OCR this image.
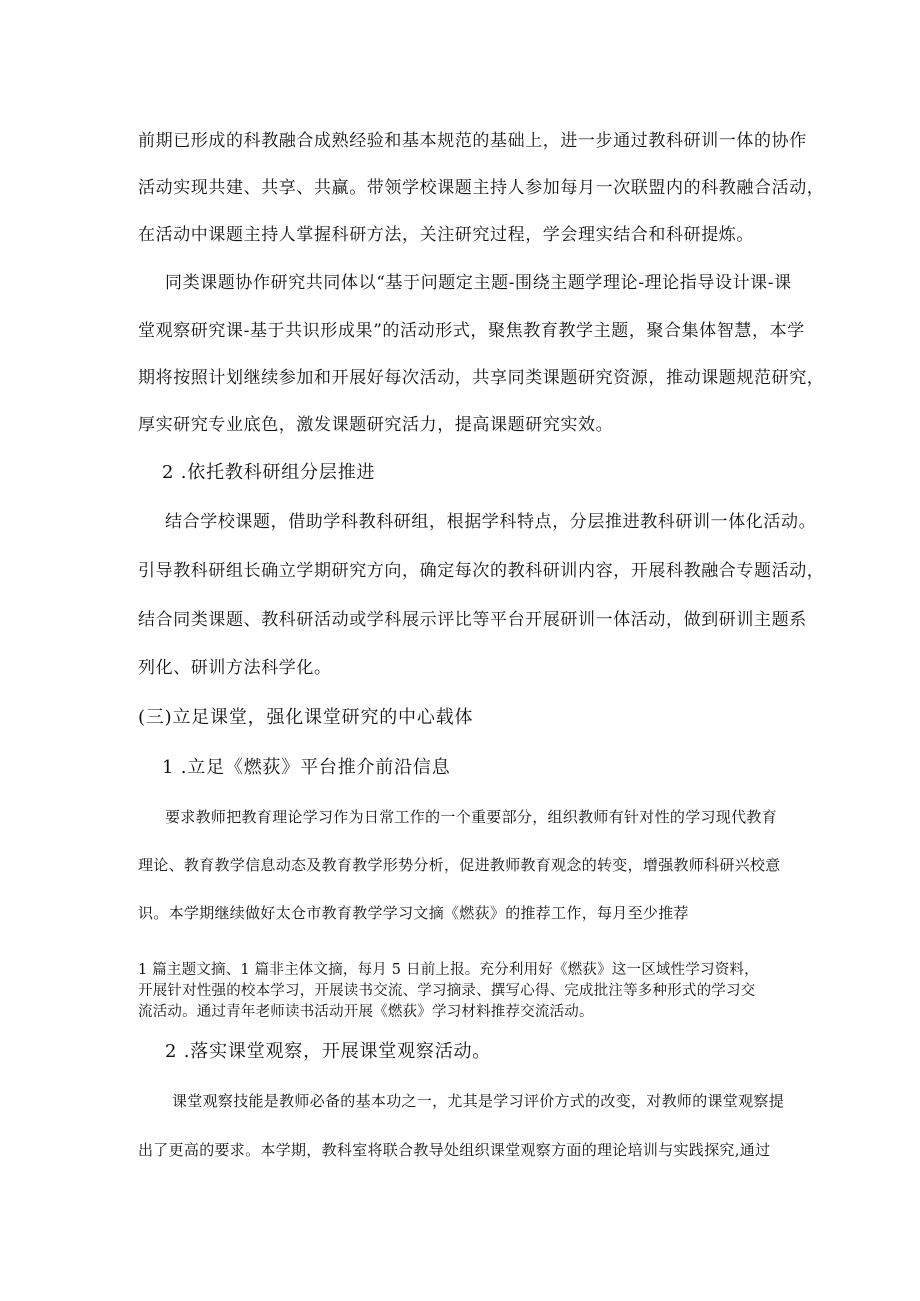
前期已形成的科教融合成熟经验和基本规范的基础上，进一步通过教科研训一体的协作
活动实现共建、共享、共赢。带领学校课题主持人参加每月一次联盟内的科教融合活动，
在活动中课题主持人掌握科研方法，关注研究过程，学会理实结合和科研提炼。
同类课题协作研究共同体以“基于问题定主题-围绕主题学理论-理论指导设计课-课
堂观察研究课-基于共识形成果”的活动形式，聚焦教育教学主题，聚合集体智慧，本学
期将按照计划继续参加和开展好每次活动，共享同类课题研究资源，推动课题规范研究，
厚实研究专业底色，激发课题研究活力，提高课题研究实效。
2 .依托教科研组分层推进
结合学校课题，借助学科教科研组，根据学科特点，分层推进教科研训一体化活动。
引导教科研组长确立学期研究方向，确定每次的教科研训内容，开展科教融合专题活动，
结合同类课题、教科研活动或学科展示评比等平台开展研训一体活动，做到研训主题系
列化、研训方法科学化。
(三)立足课堂，强化课堂研究的中心载体
1 .立足《燃荻》平台推介前沿信息
要求教师把教育理论学习作为日常工作的一个重要部分，组织教师有针对性的学习现代教育
理论、教育教学信息动态及教育教学形势分析，促进教师教育观念的转变，增强教师科研兴校意
识。本学期继续做好太仓市教育教学学习文摘《燃荻》的推荐工作，每月至少推荐
1 篇主题文摘、1 篇非主体文摘，每月 5 日前上报。充分利用好《燃荻》这一区域性学习资料，
开展针对性强的校本学习，开展读书交流、学习摘录、撰写心得、完成批注等多种形式的学习交
流活动。通过青年老师读书活动开展《燃荻》学习材料推荐交流活动。
2 .落实课堂观察，开展课堂观察活动。
课堂观察技能是教师必备的基本功之一，尤其是学习评价方式的改变，对教师的课堂观察提
出了更高的要求。本学期，教科室将联合教导处组织课堂观察方面的理论培训与实践探究,通过
